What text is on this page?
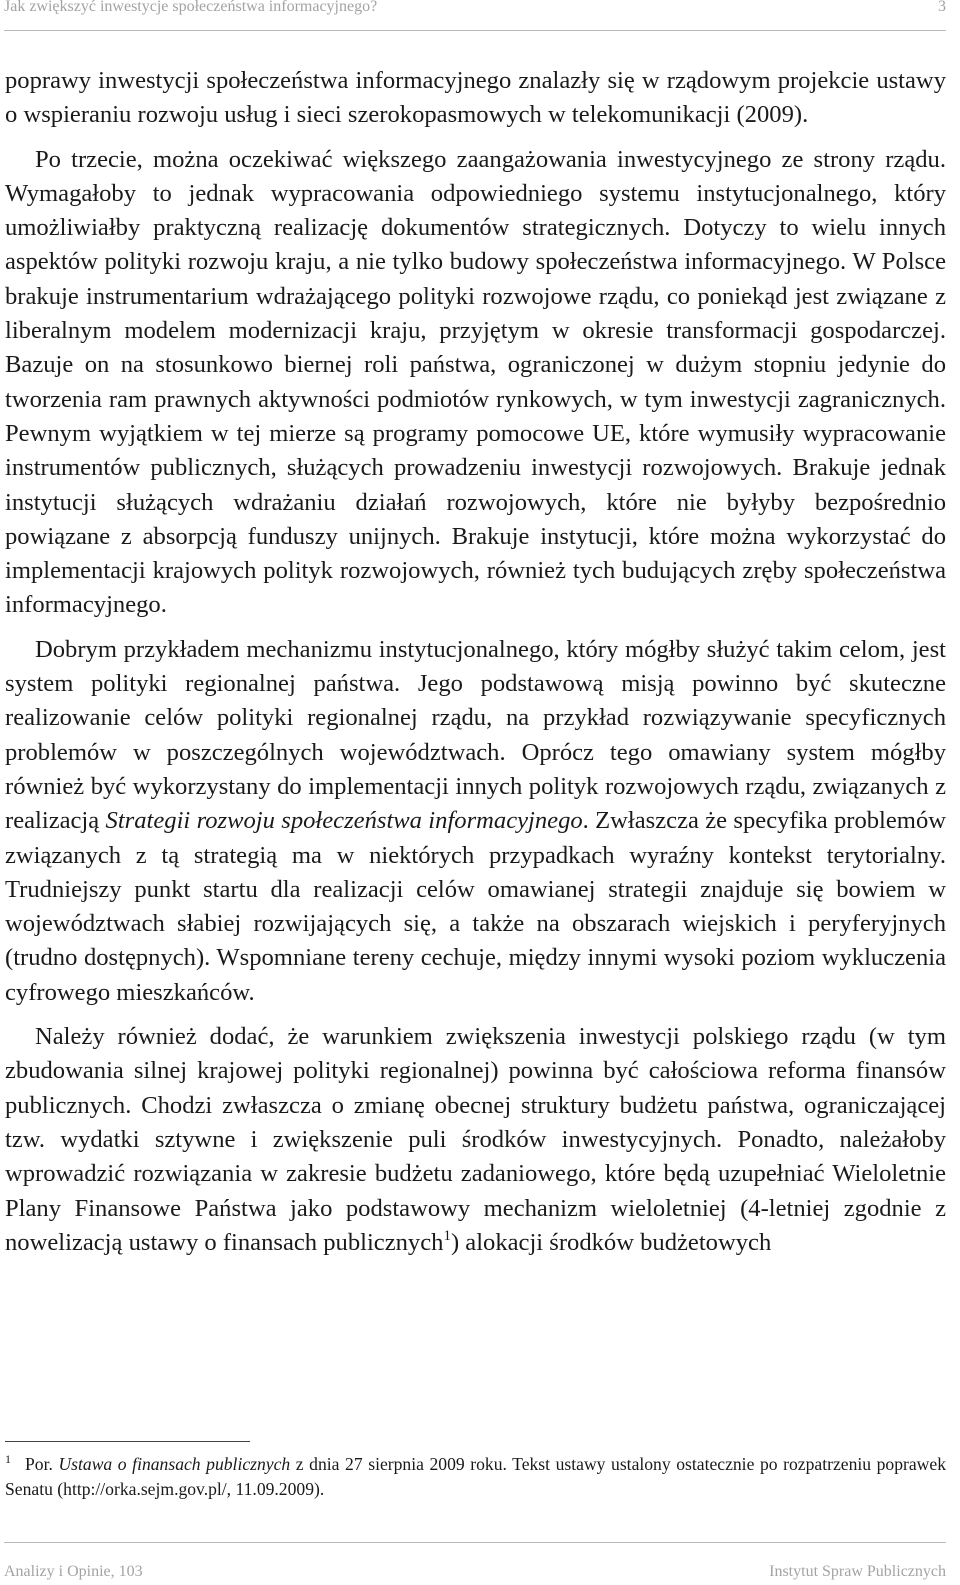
Jak zwiększyć inwestycje społeczeństwa informacyjnego?	3

poprawy inwestycji społeczeństwa informacyjnego znalazły się w rządowym projekcie ustawy o wspieraniu rozwoju usług i sieci szerokopasmowych w telekomunikacji (2009).

Po trzecie, można oczekiwać większego zaangażowania inwestycyjnego ze strony rządu. Wymagałoby to jednak wypracowania odpowiedniego systemu instytucjonalnego, który umożliwiałby praktyczną realizację dokumentów strategicznych. Dotyczy to wielu innych aspektów polityki rozwoju kraju, a nie tylko budowy społeczeństwa informacyjnego. W Polsce brakuje instrumentarium wdrażającego polityki rozwojowe rządu, co poniekąd jest związane z liberalnym modelem modernizacji kraju, przyjętym w okresie transformacji gospodarczej. Bazuje on na stosunkowo biernej roli państwa, ograniczonej w dużym stopniu jedynie do tworzenia ram prawnych aktywności podmiotów rynkowych, w tym inwestycji zagranicznych. Pewnym wyjątkiem w tej mierze są programy pomocowe UE, które wymusiły wypracowanie instrumentów publicznych, służących prowadzeniu inwestycji rozwojowych. Brakuje jednak instytucji służących wdrażaniu działań rozwojowych, które nie byłyby bezpośrednio powiązane z absorpcją funduszy unijnych. Brakuje instytucji, które można wykorzystać do implementacji krajowych polityk rozwojowych, również tych budujących zręby społeczeństwa informacyjnego.

Dobrym przykładem mechanizmu instytucjonalnego, który mógłby służyć takim celom, jest system polityki regionalnej państwa. Jego podstawową misją powinno być skuteczne realizowanie celów polityki regionalnej rządu, na przykład rozwiązywanie specyficznych problemów w poszczególnych województwach. Oprócz tego omawiany system mógłby również być wykorzystany do implementacji innych polityk rozwojowych rządu, związanych z realizacją Strategii rozwoju społeczeństwa informacyjnego. Zwłaszcza że specyfika problemów związanych z tą strategią ma w niektórych przypadkach wyraźny kontekst terytorialny. Trudniejszy punkt startu dla realizacji celów omawianej strategii znajduje się bowiem w województwach słabiej rozwijających się, a także na obszarach wiejskich i peryferyjnych (trudno dostępnych). Wspomniane tereny cechuje, między innymi wysoki poziom wykluczenia cyfrowego mieszkańców.

Należy również dodać, że warunkiem zwiększenia inwestycji polskiego rządu (w tym zbudowania silnej krajowej polityki regionalnej) powinna być całościowa reforma finansów publicznych. Chodzi zwłaszcza o zmianę obecnej struktury budżetu państwa, ograniczającej tzw. wydatki sztywne i zwiększenie puli środków inwestycyjnych. Ponadto, należałoby wprowadzić rozwiązania w zakresie budżetu zadaniowego, które będą uzupełniać Wieloletnie Plany Finansowe Państwa jako podstawowy mechanizm wieloletniej (4-letniej zgodnie z nowelizacją ustawy o finansach publicznych$^1$) alokacji środków budżetowych

$^1$ Por. Ustawa o finansach publicznych z dnia 27 sierpnia 2009 roku. Tekst ustawy ustalony ostatecznie po rozpatrzeniu poprawek Senatu (http://orka.sejm.gov.pl/, 11.09.2009).
Analizy i Opinie, 103	Instytut Spraw Publicznych
